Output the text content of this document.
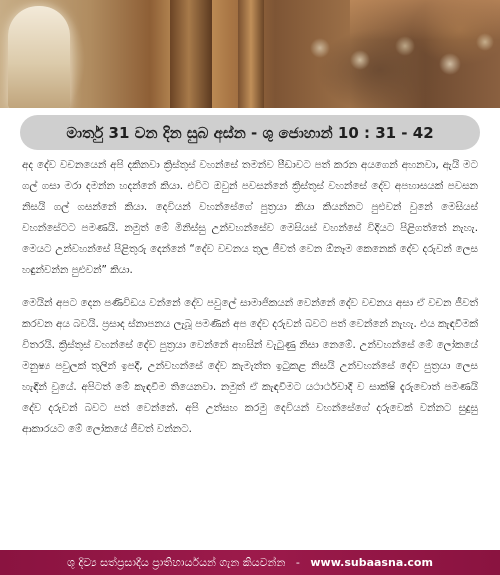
මාර්තු 31 වන දින සුබ අස්න - ශු ජොහාන් 10 : 31 - 42

අද දේව වචනයෙන් අපි දකිනවා ක්‍රිස්තුස් වහන්සේ තමන්ව පීඩාවට පත් කරන අයගෙන් අහනවා, ඇයි මට ගල් ගසා මරා දමන්න හදන්නේ කියා. එවිට ඔවුන් පවසන්නේ ක්‍රිස්තුස් වහන්සේ දේව අපහාසයක් පවසන නිසයි ගල් ගසන්නේ කියා. දෙවියන් වහන්සේගේ පුත්‍රයා කියා කියන්නට පුළුවන් වුනේ මෙසියස් වහන්සේටට පමණයි. නමුත් මේ මිනිස්සු උන්වහන්සේව මෙසියස් වහන්සේ විදියට පිළිගත්තේ නැහැ. මෙයට උන්වහන්සේ පිළිතුරු දෙන්නේ “දේව වචනය තුල ජීවත් වෙන ඕනෑම කෙනෙක් දේව දරුවන් ලෙස හඳුන්වන්න පුළුවන්” කියා.

මෙයින් අපට දෙන පණිවිඩය වන්නේ දේව පවුලේ සාමාජිකයන් වෙන්නේ දේව වචනය අසා ඒ වචන ජීවත් කරවන අය බවයි. ප්‍රසාද ස්නාපනය ලැබූ පමණින් අප දේව දරුවන් බවට පත් වෙන්නේ නැහැ. එය කැඳවීමක් විතරයි. ක්‍රිස්තුස් වහන්සේ දේව පුත්‍රයා වෙන්නේ අහසින් වැටුණු නිසා නෙමේ. උන්වහන්සේ මේ ලෝකයේ මනුෂ්‍ය පවුලක් තුලින් ඉපදී, උන්වහන්සේ දේව කැමැත්ත ඉටුකළ නිසයි උන්වහන්සේ දේව පුත්‍රයා ලෙස හැඳින් වුයේ. අපිටත් මේ කැඳවීම තියෙනවා. නමුත් ඒ කැඳවීමට යථාර්ථවාදී ව සාක්ෂි දැරුවොත් පමණයි දේව දරුවන් බවට පත් වෙන්නේ. අපි උත්සහ කරමු දෙවියන් වහන්සේගේ දරුවෙක් වන්නට සුදුසු ආකාරයට මේ ලෝකයේ ජීවත් වන්නට.

ශු දිව්‍ය සත්ප්‍රසාදීය ප්‍රාතිහාර්යයන් ගැන කියවන්න - www.subaasna.com
